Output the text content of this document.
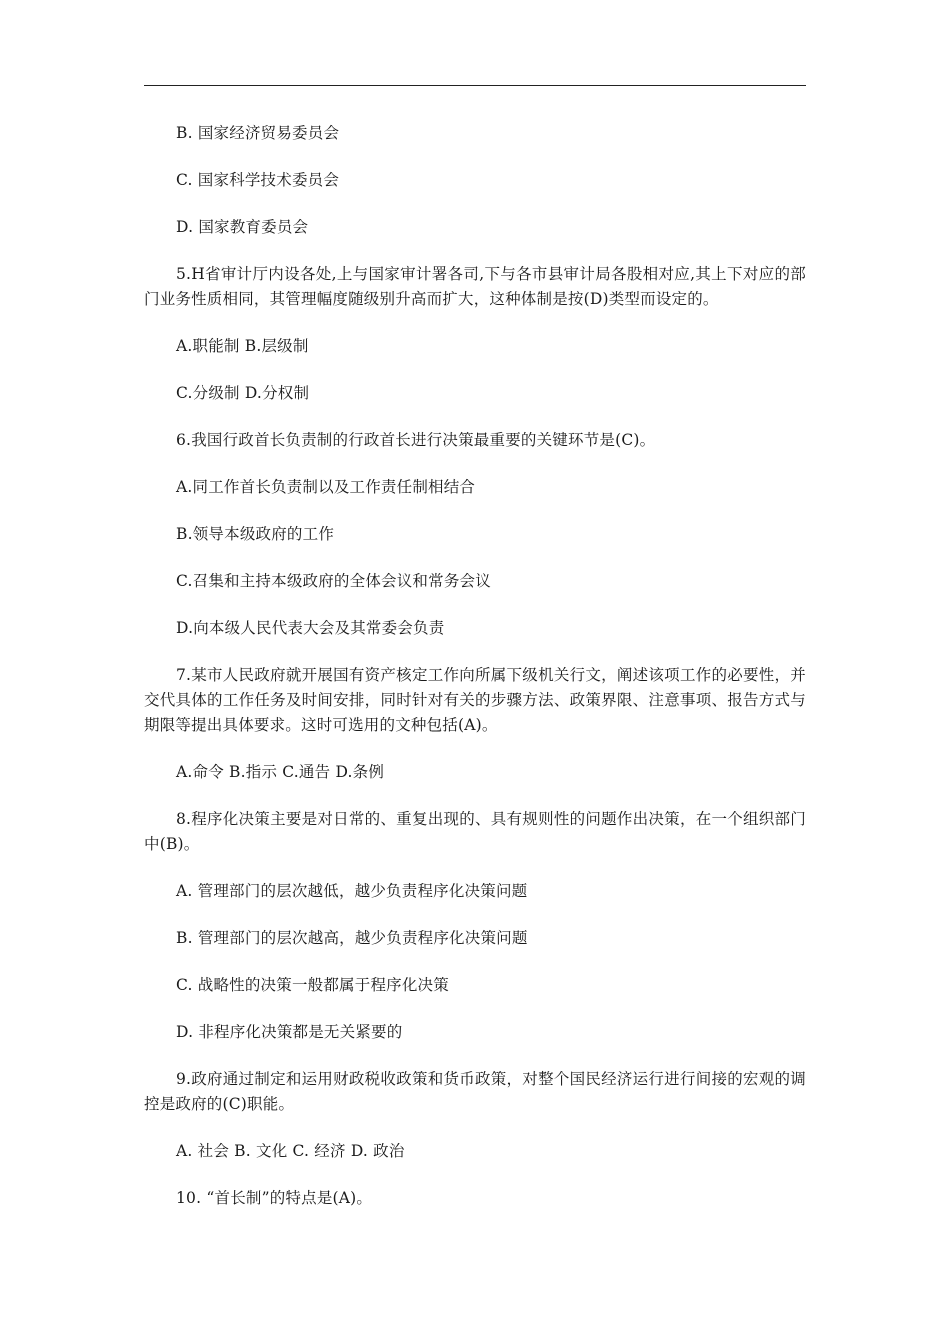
B. 国家经济贸易委员会

C. 国家科学技术委员会

D. 国家教育委员会

5.H省审计厅内设各处,上与国家审计署各司,下与各市县审计局各股相对应,其上下对应的部门业务性质相同，其管理幅度随级别升高而扩大，这种体制是按(D)类型而设定的。

A.职能制 B.层级制

C.分级制 D.分权制

6.我国行政首长负责制的行政首长进行决策最重要的关键环节是(C)。

A.同工作首长负责制以及工作责任制相结合

B.领导本级政府的工作

C.召集和主持本级政府的全体会议和常务会议

D.向本级人民代表大会及其常委会负责

7.某市人民政府就开展国有资产核定工作向所属下级机关行文，阐述该项工作的必要性，并交代具体的工作任务及时间安排，同时针对有关的步骤方法、政策界限、注意事项、报告方式与期限等提出具体要求。这时可选用的文种包括(A)。

A.命令 B.指示 C.通告 D.条例

8.程序化决策主要是对日常的、重复出现的、具有规则性的问题作出决策，在一个组织部门中(B)。

A. 管理部门的层次越低，越少负责程序化决策问题

B. 管理部门的层次越高，越少负责程序化决策问题

C. 战略性的决策一般都属于程序化决策

D. 非程序化决策都是无关紧要的

9.政府通过制定和运用财政税收政策和货币政策，对整个国民经济运行进行间接的宏观的调控是政府的(C)职能。

A. 社会 B. 文化 C. 经济 D. 政治

10. “首长制”的特点是(A)。
